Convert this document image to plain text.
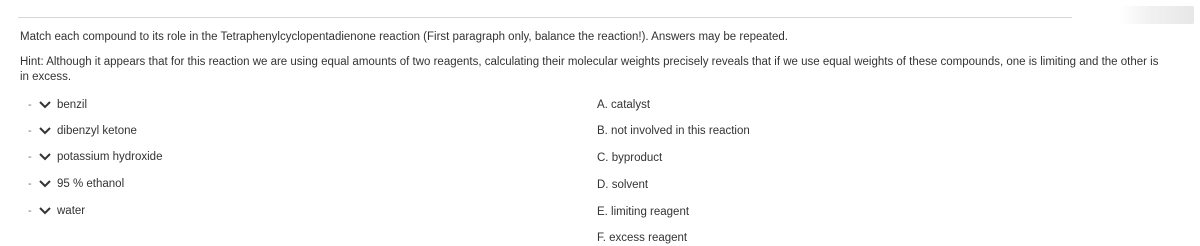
Match each compound to its role in the Tetraphenylcyclopentadienone reaction (First paragraph only, balance the reaction!). Answers may be repeated.
Hint: Although it appears that for this reaction we are using equal amounts of two reagents, calculating their molecular weights precisely reveals that if we use equal weights of these compounds, one is limiting and the other is in excess.
-	benzil
-	dibenzyl ketone
-	potassium hydroxide
-	95 % ethanol
-	water
A. catalyst
B. not involved in this reaction
C. byproduct
D. solvent
E. limiting reagent
F. excess reagent
